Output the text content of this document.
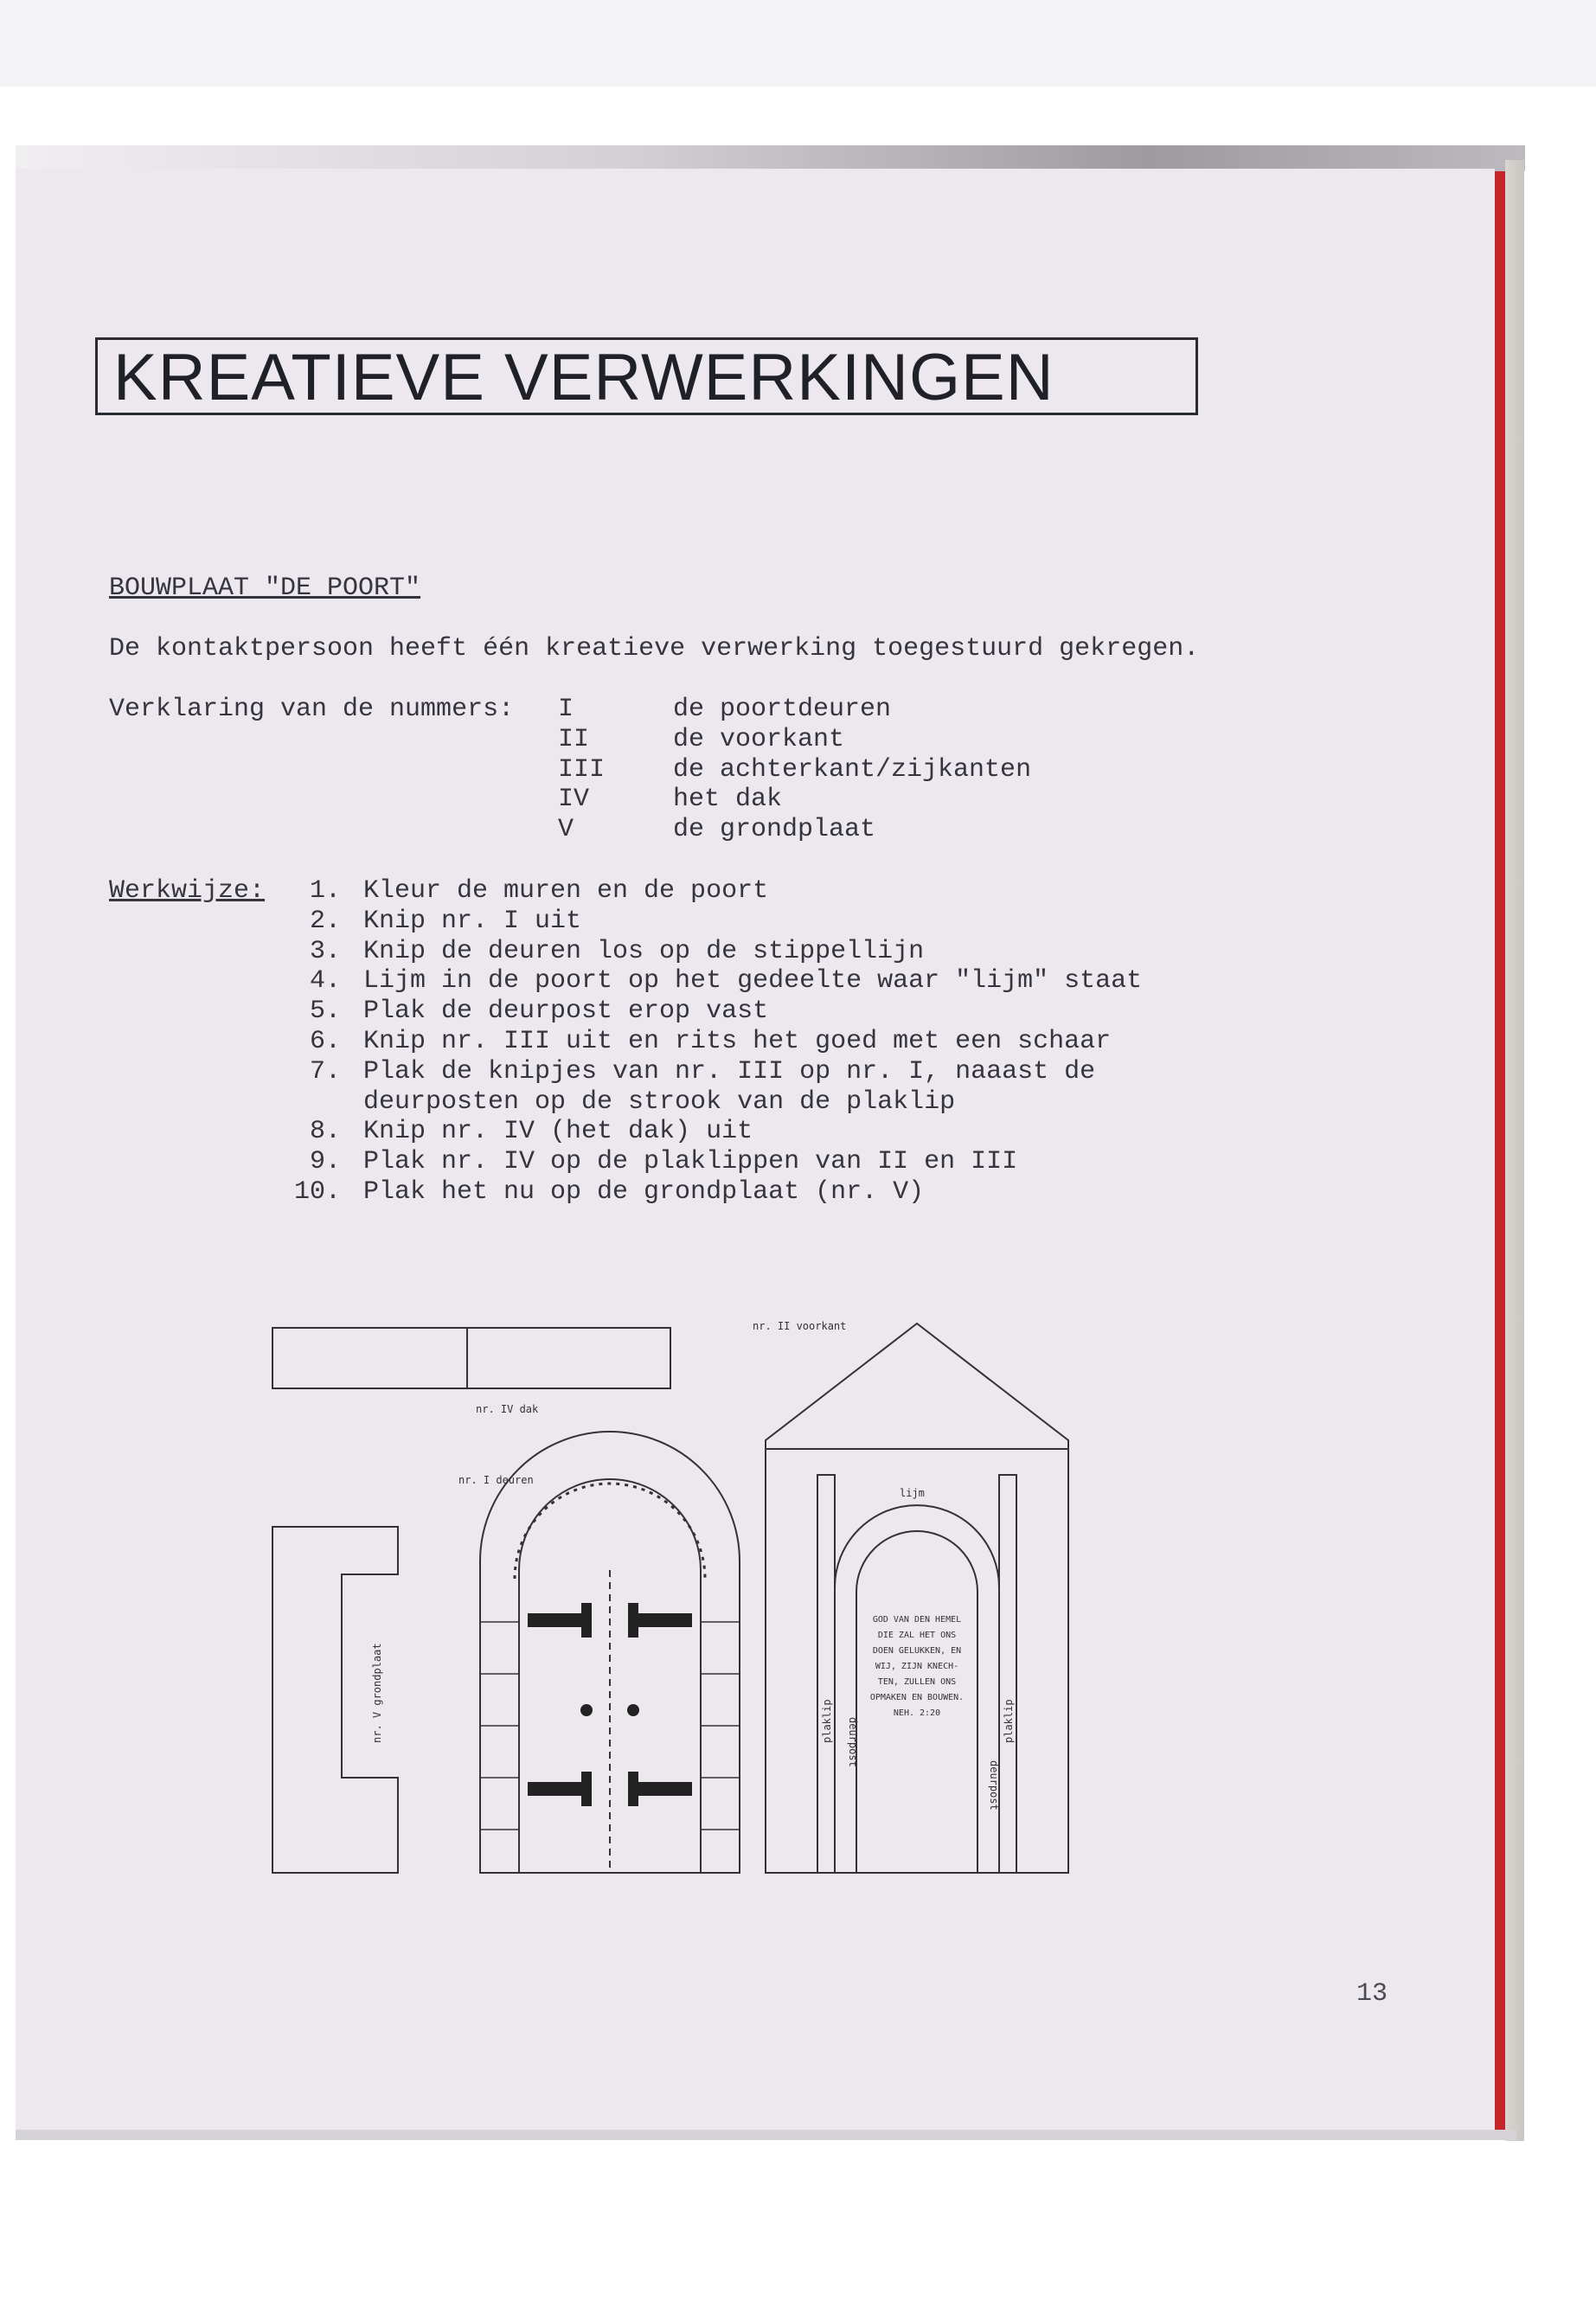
KREATIEVE VERWERKINGEN
BOUWPLAAT "DE POORT"
De kontaktpersoon heeft één kreatieve verwerking toegestuurd gekregen.
Verklaring van de nummers: I	de poortdeuren
II	de voorkant
III	de achterkant/zijkanten
IV	het dak
V	de grondplaat
Werkwijze: 1. Kleur de muren en de poort
2. Knip nr. I uit
3. Knip de deuren los op de stippellijn
4. Lijm in de poort op het gedeelte waar "lijm" staat
5. Plak de deurpost erop vast
6. Knip nr. III uit en rits het goed met een schaar
7. Plak de knipjes van nr. III op nr. I, naaast de
deurposten op de strook van de plaklip
8. Knip nr. IV (het dak) uit
9. Plak nr. IV op de plaklippen van II en III
10. Plak het nu op de grondplaat (nr. V)
nr. IV dak
nr. I deuren
nr. II voorkant
lijm
GOD VAN DEN HEMEL
DIE ZAL HET ONS
DOEN GELUKKEN, EN
WIJ, ZIJN KNECH-
TEN, ZULLEN ONS
OPMAKEN EN BOUWEN.
NEH. 2:20
nr. V grondplaat	deurpost
deurpost
plaklip	plaklip
13
